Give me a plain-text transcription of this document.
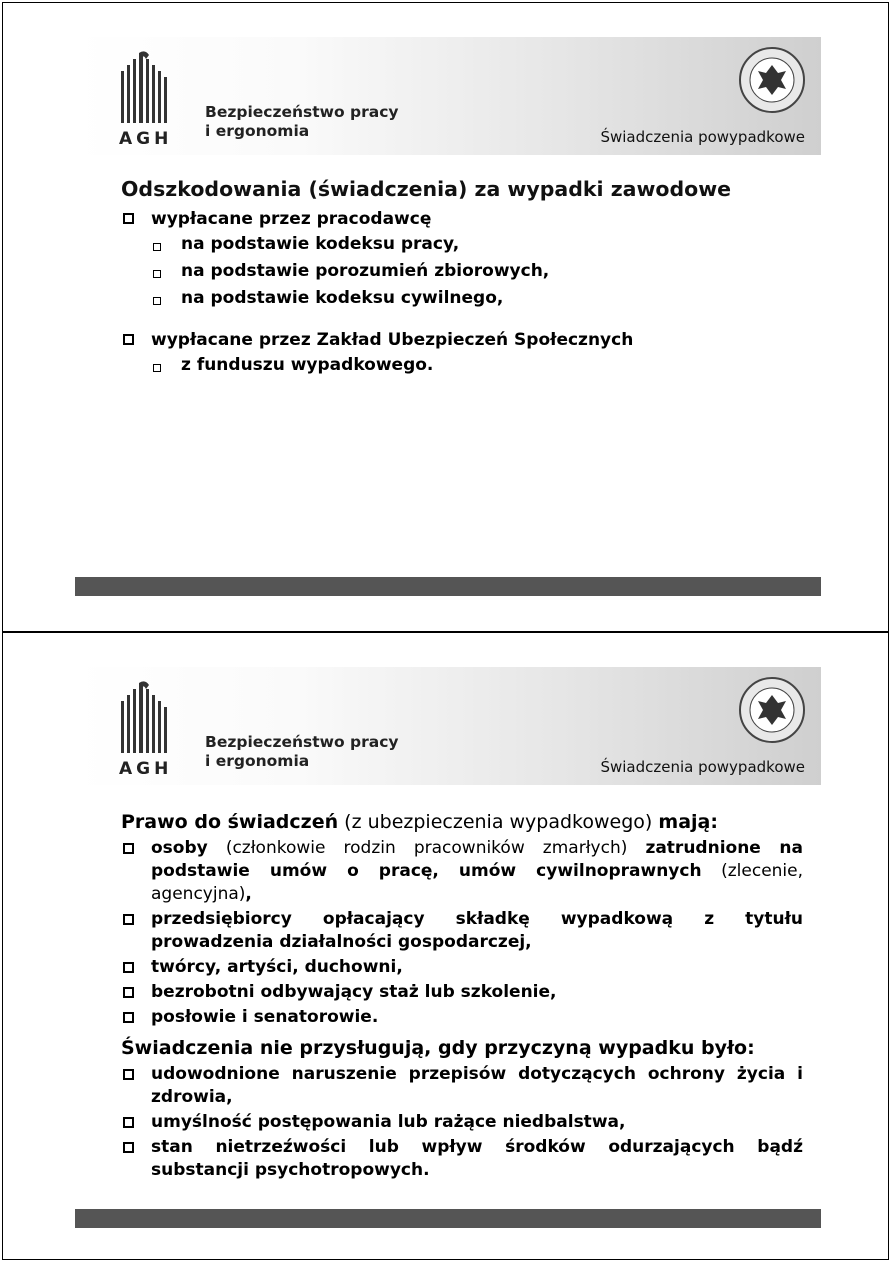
AGH
Bezpieczeństwo pracy
i ergonomia	Świadczenia powypadkowe
Odszkodowania (świadczenia) za wypadki zawodowe
wypłacane przez pracodawcę
na podstawie kodeksu pracy,
na podstawie porozumień zbiorowych,
na podstawie kodeksu cywilnego,
wypłacane przez Zakład Ubezpieczeń Społecznych
z funduszu wypadkowego.
AGH
Bezpieczeństwo pracy
i ergonomia	Świadczenia powypadkowe
Prawo do świadczeń (z ubezpieczenia wypadkowego) mają:
osoby (członkowie rodzin pracowników zmarłych) zatrudnione na podstawie umów o pracę, umów cywilnoprawnych (zlecenie, agencyjna),
przedsiębiorcy opłacający składkę wypadkową z tytułu prowadzenia działalności gospodarczej,
twórcy, artyści, duchowni,
bezrobotni odbywający staż lub szkolenie,
posłowie i senatorowie.
Świadczenia nie przysługują, gdy przyczyną wypadku było:
udowodnione naruszenie przepisów dotyczących ochrony życia i zdrowia,
umyślność postępowania lub rażące niedbalstwa,
stan nietrzeźwości lub wpływ środków odurzających bądź substancji psychotropowych.
